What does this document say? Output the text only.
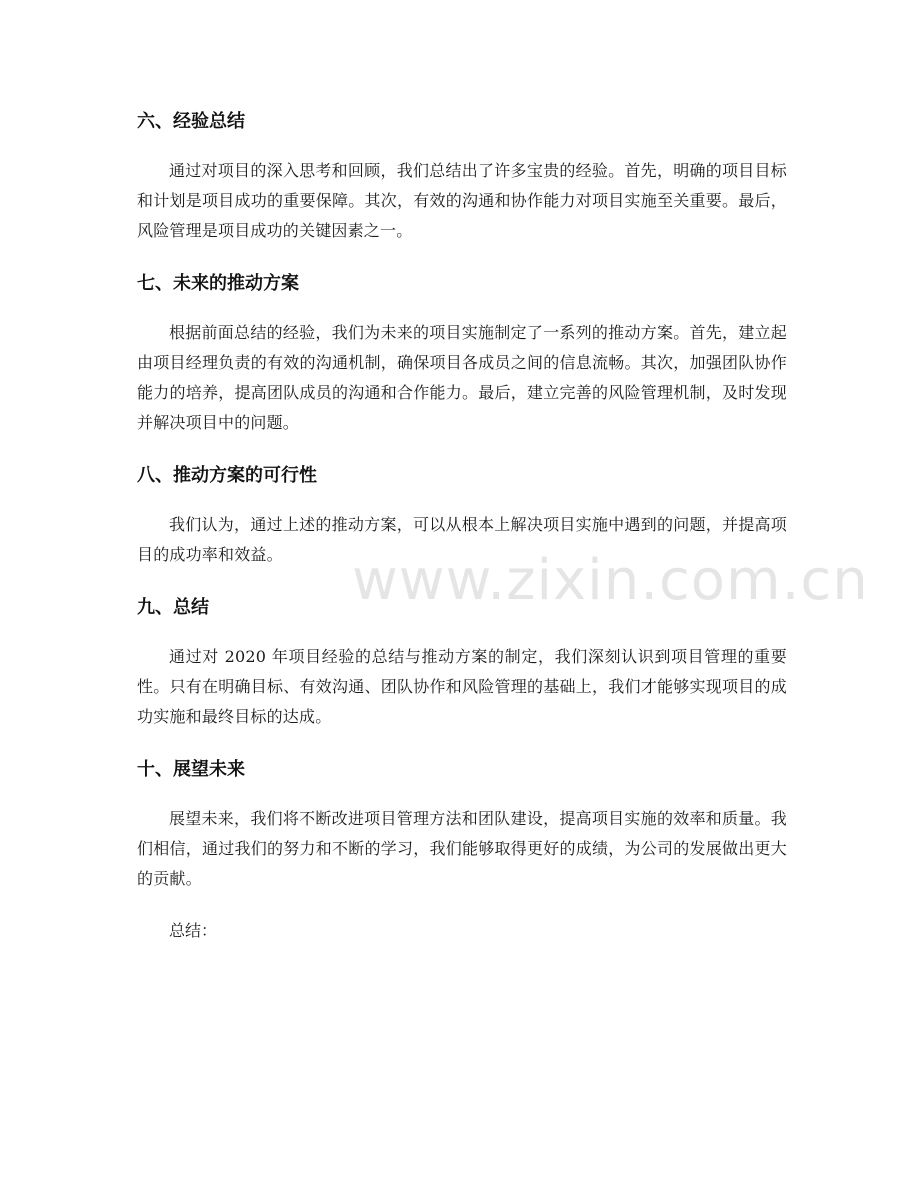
六、经验总结

通过对项目的深入思考和回顾，我们总结出了许多宝贵的经验。首先，明确的项目目标和计划是项目成功的重要保障。其次，有效的沟通和协作能力对项目实施至关重要。最后，风险管理是项目成功的关键因素之一。

七、未来的推动方案

根据前面总结的经验，我们为未来的项目实施制定了一系列的推动方案。首先，建立起由项目经理负责的有效的沟通机制，确保项目各成员之间的信息流畅。其次，加强团队协作能力的培养，提高团队成员的沟通和合作能力。最后，建立完善的风险管理机制，及时发现并解决项目中的问题。

八、推动方案的可行性

我们认为，通过上述的推动方案，可以从根本上解决项目实施中遇到的问题，并提高项目的成功率和效益。

九、总结

通过对 2020 年项目经验的总结与推动方案的制定，我们深刻认识到项目管理的重要性。只有在明确目标、有效沟通、团队协作和风险管理的基础上，我们才能够实现项目的成功实施和最终目标的达成。

十、展望未来

展望未来，我们将不断改进项目管理方法和团队建设，提高项目实施的效率和质量。我们相信，通过我们的努力和不断的学习，我们能够取得更好的成绩，为公司的发展做出更大的贡献。

总结：

www.zixin.com.cn
